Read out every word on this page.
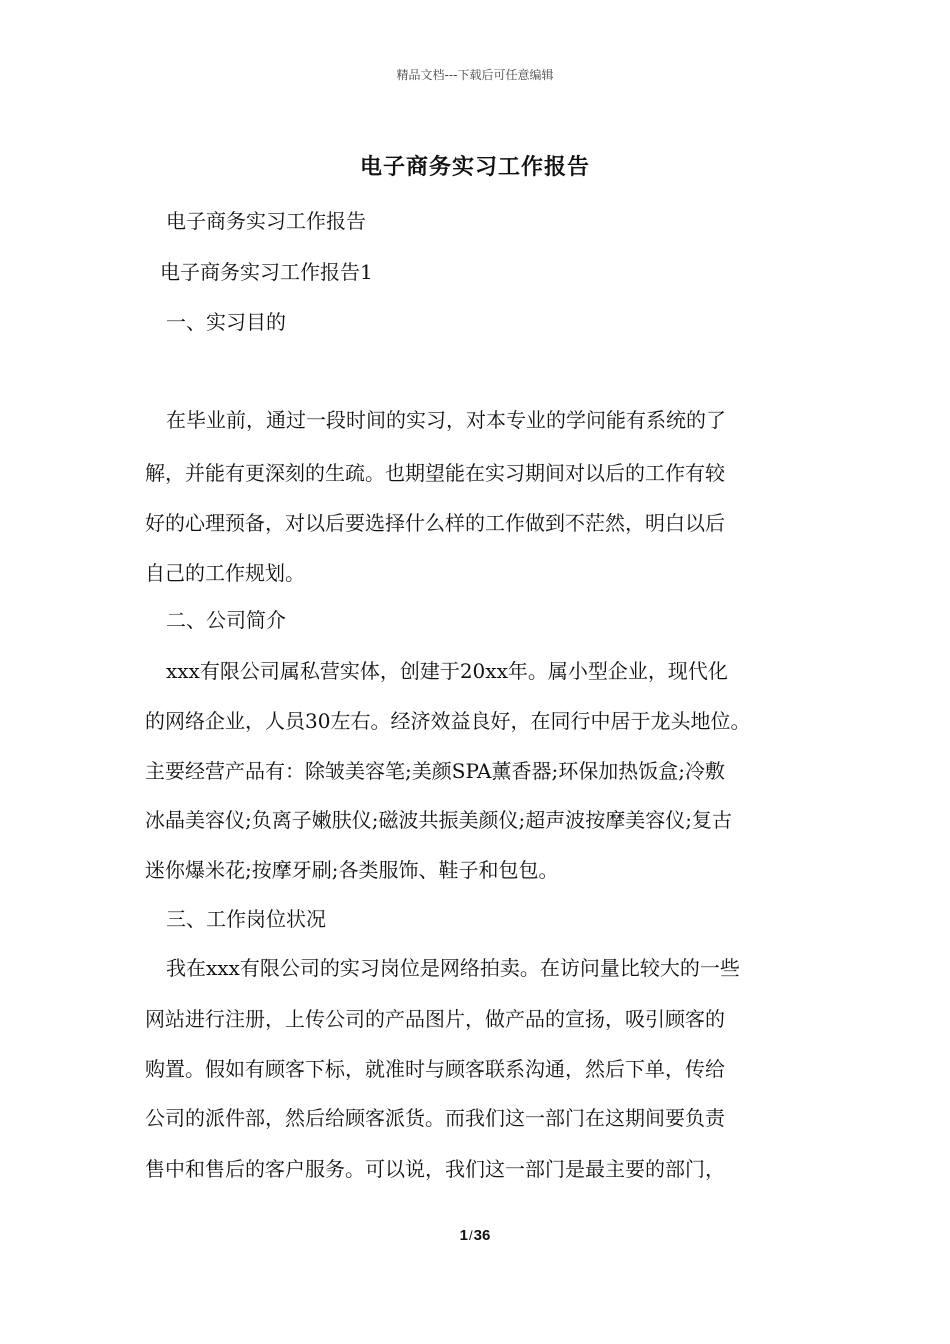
精品文档---下载后可任意编辑
电子商务实习工作报告
电子商务实习工作报告
电子商务实习工作报告1
一、实习目的
在毕业前，通过一段时间的实习，对本专业的学问能有系统的了
解，并能有更深刻的生疏。也期望能在实习期间对以后的工作有较
好的心理预备，对以后要选择什么样的工作做到不茫然，明白以后
自己的工作规划。
二、公司简介
xxx有限公司属私营实体，创建于20xx年。属小型企业，现代化
的网络企业，人员30左右。经济效益良好，在同行中居于龙头地位。
主要经营产品有：除皱美容笔;美颜SPA薰香器;环保加热饭盒;冷敷
冰晶美容仪;负离子嫩肤仪;磁波共振美颜仪;超声波按摩美容仪;复古
迷你爆米花;按摩牙刷;各类服饰、鞋子和包包。
三、工作岗位状况
我在xxx有限公司的实习岗位是网络拍卖。在访问量比较大的一些
网站进行注册，上传公司的产品图片，做产品的宣扬，吸引顾客的
购置。假如有顾客下标，就准时与顾客联系沟通，然后下单，传给
公司的派件部，然后给顾客派货。而我们这一部门在这期间要负责
售中和售后的客户服务。可以说，我们这一部门是最主要的部门，
1/36
